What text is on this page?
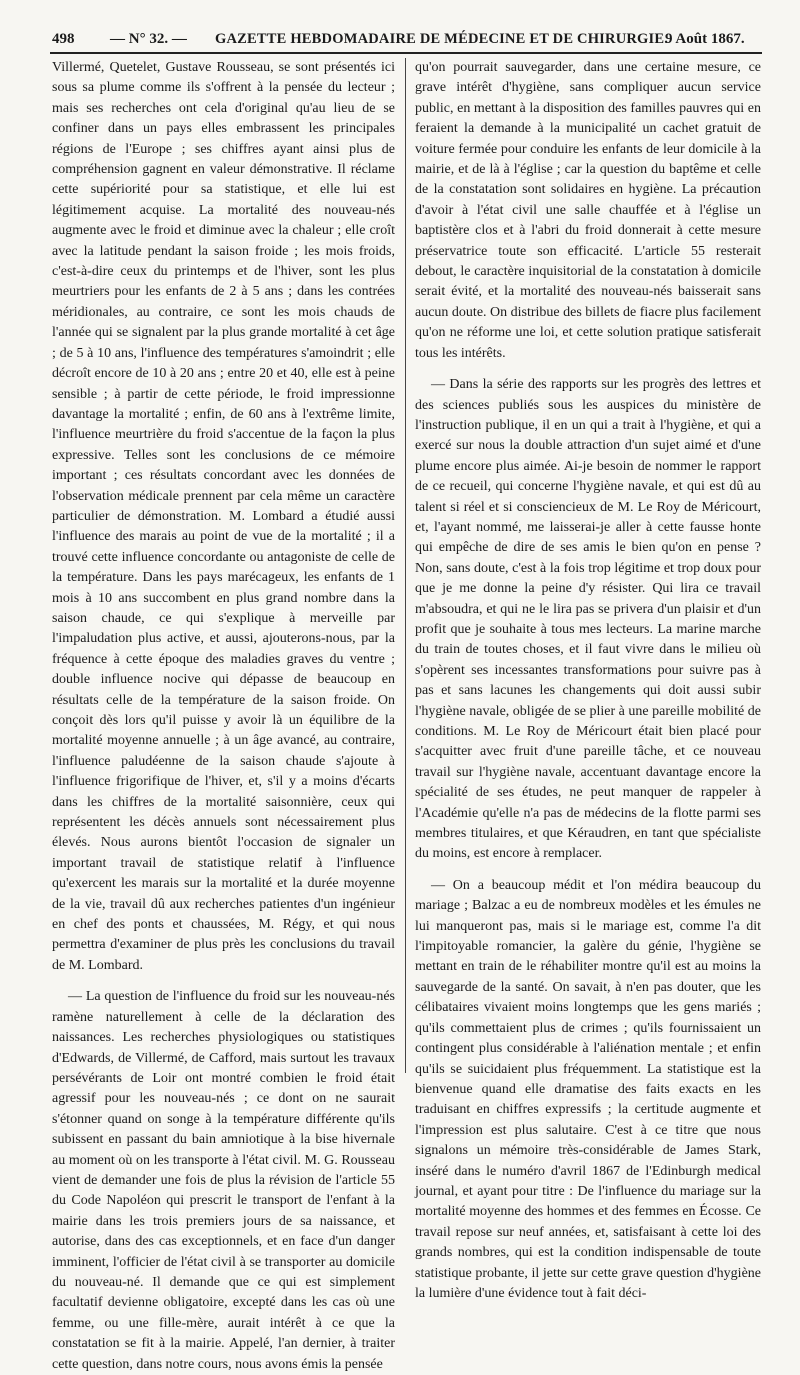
498 — N° 32. — GAZETTE HEBDOMADAIRE DE MÉDECINE ET DE CHIRURGIE.
9 Août 1867.

Villermé, Quetelet, Gustave Rousseau, se sont présentés ici sous sa plume comme ils s'offrent à la pensée du lecteur ; mais ses recherches ont cela d'original qu'au lieu de se confiner dans un pays elles embrassent les principales régions de l'Europe ; ses chiffres ayant ainsi plus de compréhension gagnent en valeur démonstrative. Il réclame cette supériorité pour sa statistique, et elle lui est légitimement acquise. La mortalité des nouveau-nés augmente avec le froid et diminue avec la chaleur ; elle croît avec la latitude pendant la saison froide ; les mois froids, c'est-à-dire ceux du printemps et de l'hiver, sont les plus meurtriers pour les enfants de 2 à 5 ans ; dans les contrées méridionales, au contraire, ce sont les mois chauds de l'année qui se signalent par la plus grande mortalité à cet âge ; de 5 à 10 ans, l'influence des températures s'amoindrit ; elle décroît encore de 10 à 20 ans ; entre 20 et 40, elle est à peine sensible ; à partir de cette période, le froid impressionne davantage la mortalité ; enfin, de 60 ans à l'extrême limite, l'influence meurtrière du froid s'accentue de la façon la plus expressive. Telles sont les conclusions de ce mémoire important ; ces résultats concordant avec les données de l'observation médicale prennent par cela même un caractère particulier de démonstration. M. Lombard a étudié aussi l'influence des marais au point de vue de la mortalité ; il a trouvé cette influence concordante ou antagoniste de celle de la température. Dans les pays marécageux, les enfants de 1 mois à 10 ans succombent en plus grand nombre dans la saison chaude, ce qui s'explique à merveille par l'impaludation plus active, et aussi, ajouterons-nous, par la fréquence à cette époque des maladies graves du ventre ; double influence nocive qui dépasse de beaucoup en résultats celle de la température de la saison froide. On conçoit dès lors qu'il puisse y avoir là un équilibre de la mortalité moyenne annuelle ; à un âge avancé, au contraire, l'influence paludéenne de la saison chaude s'ajoute à l'influence frigorifique de l'hiver, et, s'il y a moins d'écarts dans les chiffres de la mortalité saisonnière, ceux qui représentent les décès annuels sont nécessairement plus élevés. Nous aurons bientôt l'occasion de signaler un important travail de statistique relatif à l'influence qu'exercent les marais sur la mortalité et la durée moyenne de la vie, travail dû aux recherches patientes d'un ingénieur en chef des ponts et chaussées, M. Régy, et qui nous permettra d'examiner de plus près les conclusions du travail de M. Lombard.

— La question de l'influence du froid sur les nouveau-nés ramène naturellement à celle de la déclaration des naissances. Les recherches physiologiques ou statistiques d'Edwards, de Villermé, de Cafford, mais surtout les travaux persévérants de Loir ont montré combien le froid était agressif pour les nouveau-nés ; ce dont on ne saurait s'étonner quand on songe à la température différente qu'ils subissent en passant du bain amniotique à la bise hivernale au moment où on les transporte à l'état civil. M. G. Rousseau vient de demander une fois de plus la révision de l'article 55 du Code Napoléon qui prescrit le transport de l'enfant à la mairie dans les trois premiers jours de sa naissance, et autorise, dans des cas exceptionnels, et en face d'un danger imminent, l'officier de l'état civil à se transporter au domicile du nouveau-né. Il demande que ce qui est simplement facultatif devienne obligatoire, excepté dans les cas où une femme, ou une fille-mère, aurait intérêt à ce que la constatation se fit à la mairie. Appelé, l'an dernier, à traiter cette question, dans notre cours, nous avons émis la pensée

qu'on pourrait sauvegarder, dans une certaine mesure, ce grave intérêt d'hygiène, sans compliquer aucun service public, en mettant à la disposition des familles pauvres qui en feraient la demande à la municipalité un cachet gratuit de voiture fermée pour conduire les enfants de leur domicile à la mairie, et de là à l'église ; car la question du baptême et celle de la constatation sont solidaires en hygiène. La précaution d'avoir à l'état civil une salle chauffée et à l'église un baptistère clos et à l'abri du froid donnerait à cette mesure préservatrice toute son efficacité. L'article 55 resterait debout, le caractère inquisitorial de la constatation à domicile serait évité, et la mortalité des nouveau-nés baisserait sans aucun doute. On distribue des billets de fiacre plus facilement qu'on ne réforme une loi, et cette solution pratique satisferait tous les intérêts.

— Dans la série des rapports sur les progrès des lettres et des sciences publiés sous les auspices du ministère de l'instruction publique, il en un qui a trait à l'hygiène, et qui a exercé sur nous la double attraction d'un sujet aimé et d'une plume encore plus aimée. Ai-je besoin de nommer le rapport de ce recueil, qui concerne l'hygiène navale, et qui est dû au talent si réel et si consciencieux de M. Le Roy de Méricourt, et, l'ayant nommé, me laisserai-je aller à cette fausse honte qui empêche de dire de ses amis le bien qu'on en pense ? Non, sans doute, c'est à la fois trop légitime et trop doux pour que je me donne la peine d'y résister. Qui lira ce travail m'absoudra, et qui ne le lira pas se privera d'un plaisir et d'un profit que je souhaite à tous mes lecteurs. La marine marche du train de toutes choses, et il faut vivre dans le milieu où s'opèrent ses incessantes transformations pour suivre pas à pas et sans lacunes les changements qui doit aussi subir l'hygiène navale, obligée de se plier à une pareille mobilité de conditions. M. Le Roy de Méricourt était bien placé pour s'acquitter avec fruit d'une pareille tâche, et ce nouveau travail sur l'hygiène navale, accentuant davantage encore la spécialité de ses études, ne peut manquer de rappeler à l'Académie qu'elle n'a pas de médecins de la flotte parmi ses membres titulaires, et que Kéraudren, en tant que spécialiste du moins, est encore à remplacer.

— On a beaucoup médit et l'on médira beaucoup du mariage ; Balzac a eu de nombreux modèles et les émules ne lui manqueront pas, mais si le mariage est, comme l'a dit l'impitoyable romancier, la galère du génie, l'hygiène se mettant en train de le réhabiliter montre qu'il est au moins la sauvegarde de la santé. On savait, à n'en pas douter, que les célibataires vivaient moins longtemps que les gens mariés ; qu'ils commettaient plus de crimes ; qu'ils fournissaient un contingent plus considérable à l'aliénation mentale ; et enfin qu'ils se suicidaient plus fréquemment. La statistique est la bienvenue quand elle dramatise des faits exacts en les traduisant en chiffres expressifs ; la certitude augmente et l'impression est plus salutaire. C'est à ce titre que nous signalons un mémoire très-considérable de James Stark, inséré dans le numéro d'avril 1867 de l'Edinburgh medical journal, et ayant pour titre : De l'influence du mariage sur la mortalité moyenne des hommes et des femmes en Écosse. Ce travail repose sur neuf années, et, satisfaisant à cette loi des grands nombres, qui est la condition indispensable de toute statistique probante, il jette sur cette grave question d'hygiène la lumière d'une évidence tout à fait déci-
